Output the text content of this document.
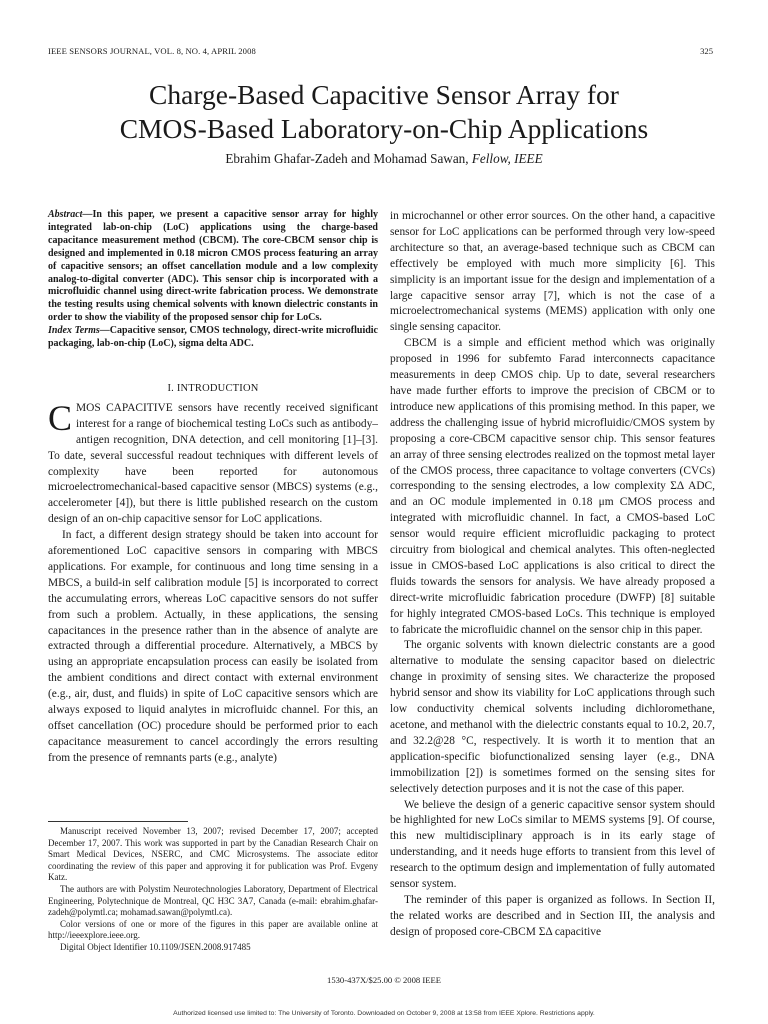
IEEE SENSORS JOURNAL, VOL. 8, NO. 4, APRIL 2008	325
Charge-Based Capacitive Sensor Array for
CMOS-Based Laboratory-on-Chip Applications
Ebrahim Ghafar-Zadeh and Mohamad Sawan, Fellow, IEEE

Abstract—In this paper, we present a capacitive sensor array for highly integrated lab-on-chip (LoC) applications using the charge-based capacitance measurement method (CBCM). The core-CBCM sensor chip is designed and implemented in 0.18 micron CMOS process featuring an array of capacitive sensors; an offset cancellation module and a low complexity analog-to-digital converter (ADC). This sensor chip is incorporated with a microfluidic channel using direct-write fabrication process. We demonstrate the testing results using chemical solvents with known dielectric constants in order to show the viability of the proposed sensor chip for LoCs.

Index Terms—Capacitive sensor, CMOS technology, direct-write microfluidic packaging, lab-on-chip (LoC), sigma delta ADC.

I. INTRODUCTION

CMOS CAPACITIVE sensors have recently received significant interest for a range of biochemical testing LoCs such as antibody–antigen recognition, DNA detection, and cell monitoring [1]–[3]. To date, several successful readout techniques with different levels of complexity have been reported for autonomous microelectromechanical-based capacitive sensor (MBCS) systems (e.g., accelerometer [4]), but there is little published research on the custom design of an on-chip capacitive sensor for LoC applications.

In fact, a different design strategy should be taken into account for aforementioned LoC capacitive sensors in comparing with MBCS applications. For example, for continuous and long time sensing in a MBCS, a build-in self calibration module [5] is incorporated to correct the accumulating errors, whereas LoC capacitive sensors do not suffer from such a problem. Actually, in these applications, the sensing capacitances in the presence rather than in the absence of analyte are extracted through a differential procedure. Alternatively, a MBCS by using an appropriate encapsulation process can easily be isolated from the ambient conditions and direct contact with external environment (e.g., air, dust, and fluids) in spite of LoC capacitive sensors which are always exposed to liquid analytes in microfluidc channel. For this, an offset cancellation (OC) procedure should be performed prior to each capacitance measurement to cancel accordingly the errors resulting from the presence of remnants parts (e.g., analyte)

Manuscript received November 13, 2007; revised December 17, 2007; accepted December 17, 2007. This work was supported in part by the Canadian Research Chair on Smart Medical Devices, NSERC, and CMC Microsystems. The associate editor coordinating the review of this paper and approving it for publication was Prof. Evgeny Katz.

The authors are with Polystim Neurotechnologies Laboratory, Department of Electrical Engineering, Polytechnique de Montreal, QC H3C 3A7, Canada (e-mail: ebrahim.ghafar-zadeh@polymtl.ca; mohamad.sawan@polymtl.ca).

Color versions of one or more of the figures in this paper are available online at http://ieeexplore.ieee.org.

Digital Object Identifier 10.1109/JSEN.2008.917485

in microchannel or other error sources. On the other hand, a capacitive sensor for LoC applications can be performed through very low-speed architecture so that, an average-based technique such as CBCM can effectively be employed with much more simplicity [6]. This simplicity is an important issue for the design and implementation of a large capacitive sensor array [7], which is not the case of a microelectromechanical systems (MEMS) application with only one single sensing capacitor.

CBCM is a simple and efficient method which was originally proposed in 1996 for subfemto Farad interconnects capacitance measurements in deep CMOS chip. Up to date, several researchers have made further efforts to improve the precision of CBCM or to introduce new applications of this promising method. In this paper, we address the challenging issue of hybrid microfluidic/CMOS system by proposing a core-CBCM capacitive sensor chip. This sensor features an array of three sensing electrodes realized on the topmost metal layer of the CMOS process, three capacitance to voltage converters (CVCs) corresponding to the sensing electrodes, a low complexity ΣΔ ADC, and an OC module implemented in 0.18 μm CMOS process and integrated with microfluidic channel. In fact, a CMOS-based LoC sensor would require efficient microfluidic packaging to protect circuitry from biological and chemical analytes. This often-neglected issue in CMOS-based LoC applications is also critical to direct the fluids towards the sensors for analysis. We have already proposed a direct-write microfluidic fabrication procedure (DWFP) [8] suitable for highly integrated CMOS-based LoCs. This technique is employed to fabricate the microfluidic channel on the sensor chip in this paper.

The organic solvents with known dielectric constants are a good alternative to modulate the sensing capacitor based on dielectric change in proximity of sensing sites. We characterize the proposed hybrid sensor and show its viability for LoC applications through such low conductivity chemical solvents including dichloromethane, acetone, and methanol with the dielectric constants equal to 10.2, 20.7, and 32.2@28 °C, respectively. It is worth it to mention that an application-specific biofunctionalized sensing layer (e.g., DNA immobilization [2]) is sometimes formed on the sensing sites for selectively detection purposes and it is not the case of this paper.

We believe the design of a generic capacitive sensor system should be highlighted for new LoCs similar to MEMS systems [9]. Of course, this new multidisciplinary approach is in its early stage of understanding, and it needs huge efforts to transient from this level of research to the optimum design and implementation of fully automated sensor system.

The reminder of this paper is organized as follows. In Section II, the related works are described and in Section III, the analysis and design of proposed core-CBCM ΣΔ capacitive

1530-437X/$25.00 © 2008 IEEE
Authorized licensed use limited to: The University of Toronto. Downloaded on October 9, 2008 at 13:58 from IEEE Xplore. Restrictions apply.
